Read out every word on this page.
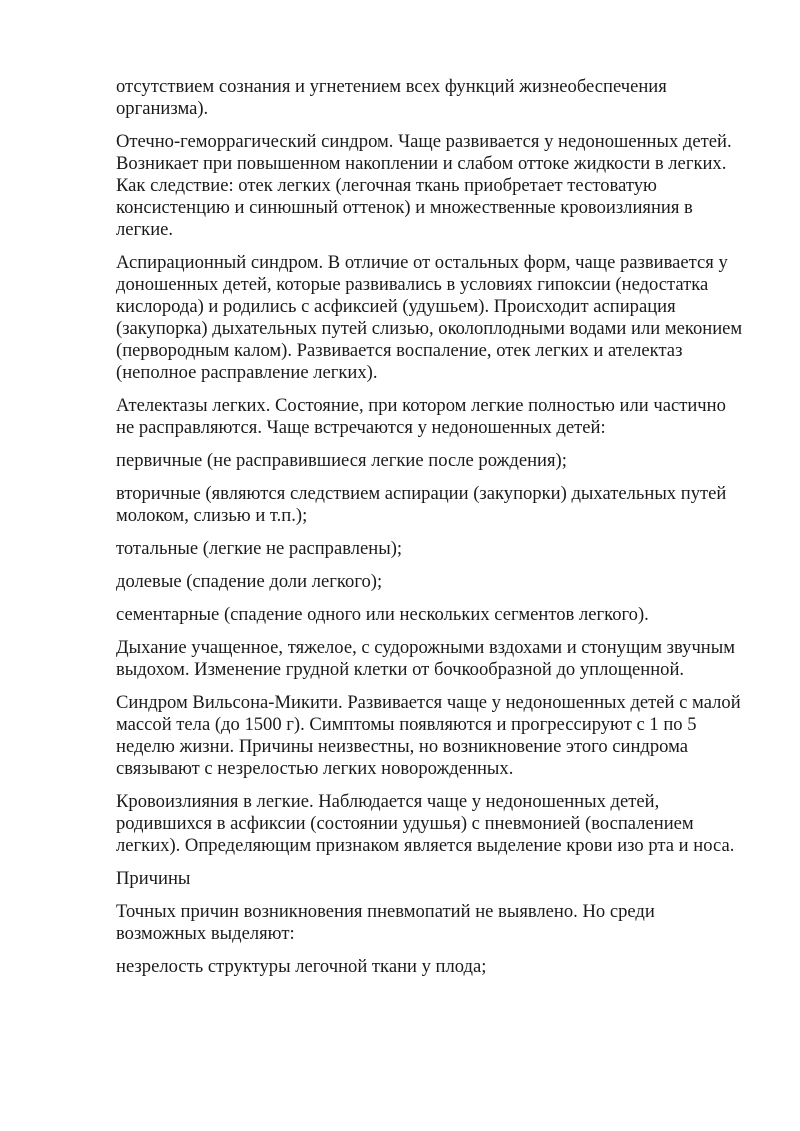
отсутствием сознания и угнетением всех функций жизнеобеспечения организма).

Отечно-геморрагический синдром. Чаще развивается у недоношенных детей. Возникает при повышенном накоплении и слабом оттоке жидкости в легких. Как следствие: отек легких (легочная ткань приобретает тестоватую консистенцию и синюшный оттенок) и множественные кровоизлияния в легкие.

Аспирационный синдром. В отличие от остальных форм, чаще развивается у доношенных детей, которые развивались в условиях гипоксии (недостатка кислорода) и родились с асфиксией (удушьем). Происходит аспирация (закупорка) дыхательных путей слизью, околоплодными водами или меконием (первородным калом). Развивается воспаление, отек легких и ателектаз (неполное расправление легких).

Ателектазы легких. Состояние, при котором легкие полностью или частично не расправляются. Чаще встречаются у недоношенных детей:

первичные (не расправившиеся легкие после рождения);

вторичные (являются следствием аспирации (закупорки) дыхательных путей молоком, слизью и т.п.);

тотальные (легкие не расправлены);

долевые (спадение доли легкого);

сементарные (спадение одного или нескольких сегментов легкого).

Дыхание учащенное, тяжелое, с судорожными вздохами и стонущим звучным выдохом. Изменение грудной клетки от бочкообразной до уплощенной.

Синдром Вильсона-Микити. Развивается чаще у недоношенных детей с малой массой тела (до 1500 г). Симптомы появляются и прогрессируют с 1 по 5 неделю жизни. Причины неизвестны, но возникновение этого синдрома связывают с незрелостью легких новорожденных.

Кровоизлияния в легкие. Наблюдается чаще у недоношенных детей, родившихся в асфиксии (состоянии удушья) с пневмонией (воспалением легких). Определяющим признаком является выделение крови изо рта и носа.

Причины

Точных причин возникновения пневмопатий не выявлено. Но среди возможных выделяют:

незрелость структуры легочной ткани у плода;
